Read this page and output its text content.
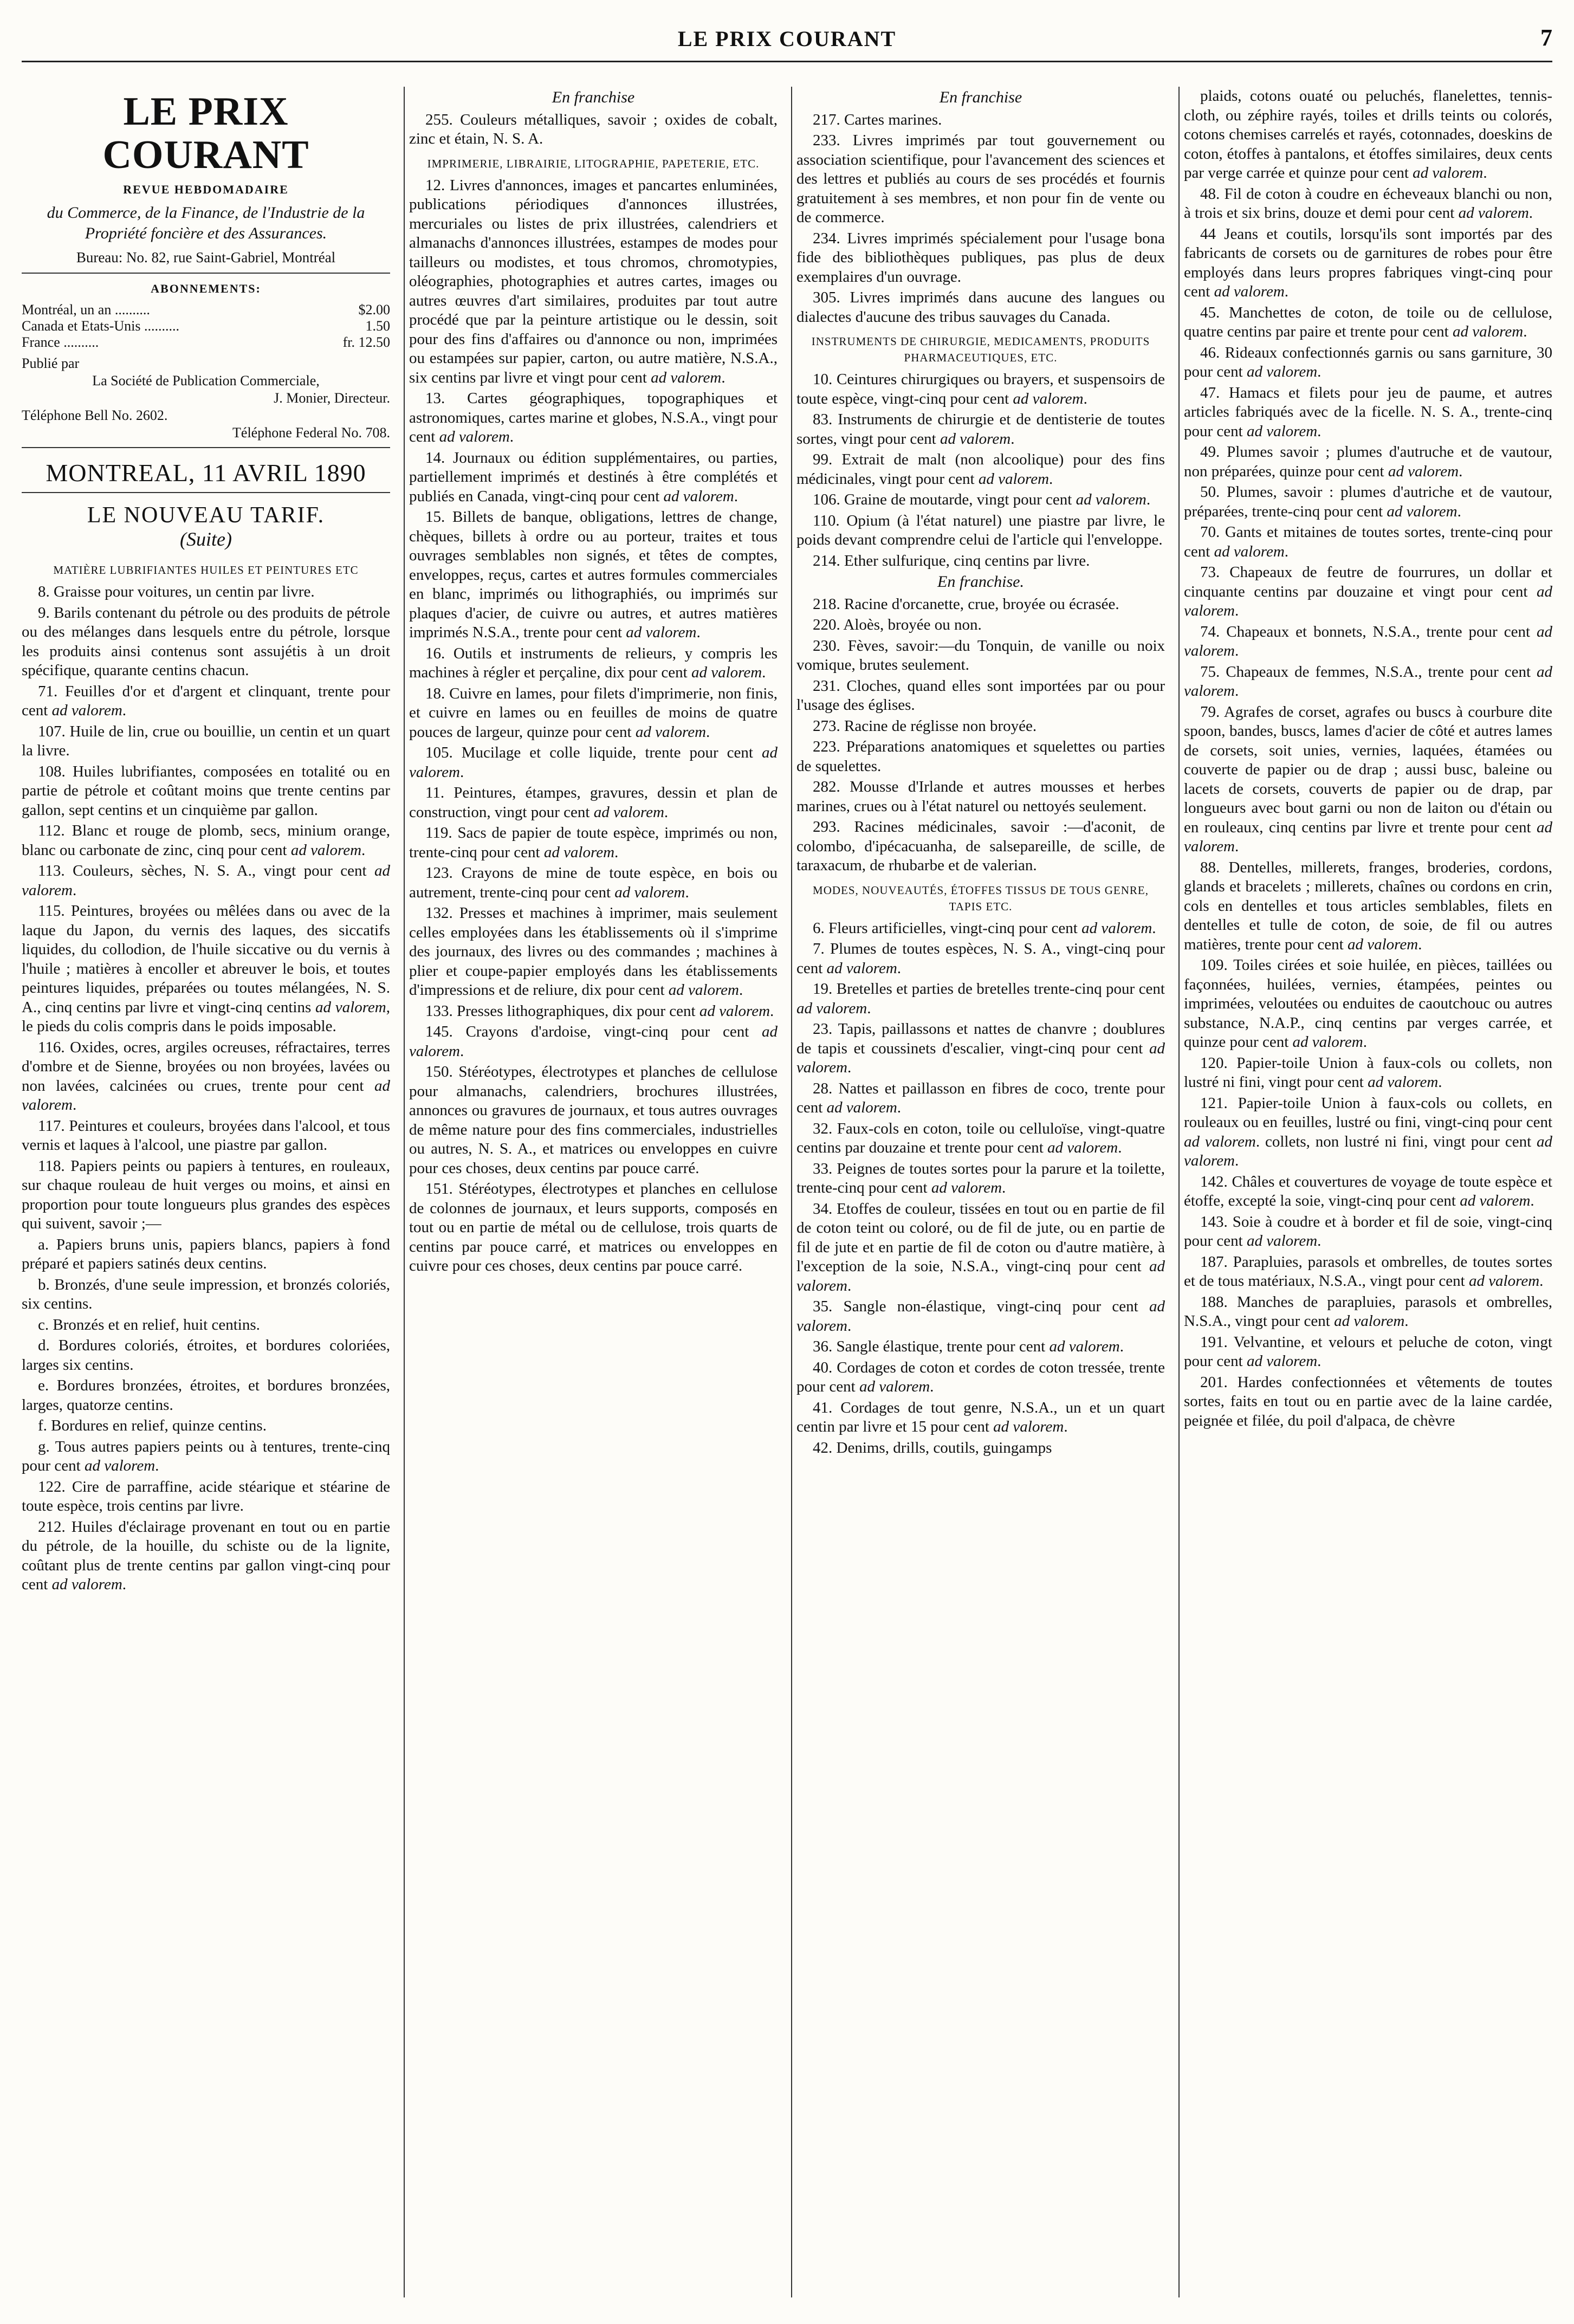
LE PRIX COURANT	7
LE PRIX COURANT
REVUE HEBDOMADAIRE
du Commerce, de la Finance, de l'Industrie de la Propriété foncière et des Assurances.
Bureau: No. 82, rue Saint-Gabriel, Montréal
ABONNEMENTS:
Montréal, un an ..........	$2.00
Canada et Etats-Unis ..........	1.50
France ..........	fr. 12.50
Publié par
La Société de Publication Commerciale,
J. Monier, Directeur.
Téléphone Bell No. 2602.
Téléphone Federal No. 708.
MONTREAL, 11 AVRIL 1890
LE NOUVEAU TARIF.
(Suite)
MATIÈRE LUBRIFIANTES HUILES ET PEINTURES ETC
8. Graisse pour voitures, un centin par livre.
9. Barils contenant du pétrole ou des produits de pétrole ou des mélanges dans lesquels entre du pétrole, lorsque les produits ainsi contenus sont assujétis à un droit spécifique, quarante centins chacun.
71. Feuilles d'or et d'argent et clinquant, trente pour cent ad valorem.
107. Huile de lin, crue ou bouillie, un centin et un quart la livre.
108. Huiles lubrifiantes, composées en totalité ou en partie de pétrole et coûtant moins que trente centins par gallon, sept centins et un cinquième par gallon.
112. Blanc et rouge de plomb, secs, minium orange, blanc ou carbonate de zinc, cinq pour cent ad valorem.
113. Couleurs, sèches, N. S. A., vingt pour cent ad valorem.
115. Peintures, broyées ou mêlées dans ou avec de la laque du Japon, du vernis des laques, des siccatifs liquides, du collodion, de l'huile siccative ou du vernis à l'huile ; matières à encoller et abreuver le bois, et toutes peintures liquides, préparées ou toutes mélangées, N. S. A., cinq centins par livre et vingt-cinq centins ad valorem, le pieds du colis compris dans le poids imposable.
116. Oxides, ocres, argiles ocreuses, réfractaires, terres d'ombre et de Sienne, broyées ou non broyées, lavées ou non lavées, calcinées ou crues, trente pour cent ad valorem.
117. Peintures et couleurs, broyées dans l'alcool, et tous vernis et laques à l'alcool, une piastre par gallon.
118. Papiers peints ou papiers à tentures, en rouleaux, sur chaque rouleau de huit verges ou moins, et ainsi en proportion pour toute longueurs plus grandes des espèces qui suivent, savoir ;—
a. Papiers bruns unis, papiers blancs, papiers à fond préparé et papiers satinés deux centins.
b. Bronzés, d'une seule impression, et bronzés coloriés, six centins.
c. Bronzés et en relief, huit centins.
d. Bordures coloriés, étroites, et bordures coloriées, larges six centins.
e. Bordures bronzées, étroites, et bordures bronzées, larges, quatorze centins.
f. Bordures en relief, quinze centins.
g. Tous autres papiers peints ou à tentures, trente-cinq pour cent ad valorem.
122. Cire de parraffine, acide stéarique et stéarine de toute espèce, trois centins par livre.
212. Huiles d'éclairage provenant en tout ou en partie du pétrole, de la houille, du schiste ou de la lignite, coûtant plus de trente centins par gallon vingt-cinq pour cent ad valorem.
En franchise
255. Couleurs métalliques, savoir ; oxides de cobalt, zinc et étain, N. S. A.
IMPRIMERIE, LIBRAIRIE, LITOGRAPHIE, PAPETERIE, ETC.
12. Livres d'annonces, images et pancartes enluminées, publications périodiques d'annonces illustrées, mercuriales ou listes de prix illustrées, calendriers et almanachs d'annonces illustrées, estampes de modes pour tailleurs ou modistes, et tous chromos, chromotypies, oléographies, photographies et autres cartes, images ou autres œuvres d'art similaires, produites par tout autre procédé que par la peinture artistique ou le dessin, soit pour des fins d'affaires ou d'annonce ou non, imprimées ou estampées sur papier, carton, ou autre matière, N.S.A., six centins par livre et vingt pour cent ad valorem.
13. Cartes géographiques, topographiques et astronomiques, cartes marine et globes, N.S.A., vingt pour cent ad valorem.
14. Journaux ou édition supplémentaires, ou parties, partiellement imprimés et destinés à être complétés et publiés en Canada, vingt-cinq pour cent ad valorem.
15. Billets de banque, obligations, lettres de change, chèques, billets à ordre ou au porteur, traites et tous ouvrages semblables non signés, et têtes de comptes, enveloppes, reçus, cartes et autres formules commerciales en blanc, imprimés ou lithographiés, ou imprimés sur plaques d'acier, de cuivre ou autres, et autres matières imprimés N.S.A., trente pour cent ad valorem.
16. Outils et instruments de relieurs, y compris les machines à régler et perçaline, dix pour cent ad valorem.
18. Cuivre en lames, pour filets d'imprimerie, non finis, et cuivre en lames ou en feuilles de moins de quatre pouces de largeur, quinze pour cent ad valorem.
105. Mucilage et colle liquide, trente pour cent ad valorem.
11. Peintures, étampes, gravures, dessin et plan de construction, vingt pour cent ad valorem.
119. Sacs de papier de toute espèce, imprimés ou non, trente-cinq pour cent ad valorem.
123. Crayons de mine de toute espèce, en bois ou autrement, trente-cinq pour cent ad valorem.
132. Presses et machines à imprimer, mais seulement celles employées dans les établissements où il s'imprime des journaux, des livres ou des commandes ; machines à plier et coupe-papier employés dans les établissements d'impressions et de reliure, dix pour cent ad valorem.
133. Presses lithographiques, dix pour cent ad valorem.
145. Crayons d'ardoise, vingt-cinq pour cent ad valorem.
150. Stéréotypes, électrotypes et planches de cellulose pour almanachs, calendriers, brochures illustrées, annonces ou gravures de journaux, et tous autres ouvrages de même nature pour des fins commerciales, industrielles ou autres, N. S. A., et matrices ou enveloppes en cuivre pour ces choses, deux centins par pouce carré.
151. Stéréotypes, électrotypes et planches en cellulose de colonnes de journaux, et leurs supports, composés en tout ou en partie de métal ou de cellulose, trois quarts de centins par pouce carré, et matrices ou enveloppes en cuivre pour ces choses, deux centins par pouce carré.
En franchise
217. Cartes marines.
233. Livres imprimés par tout gouvernement ou association scientifique, pour l'avancement des sciences et des lettres et publiés au cours de ses procédés et fournis gratuitement à ses membres, et non pour fin de vente ou de commerce.
234. Livres imprimés spécialement pour l'usage bona fide des bibliothèques publiques, pas plus de deux exemplaires d'un ouvrage.
305. Livres imprimés dans aucune des langues ou dialectes d'aucune des tribus sauvages du Canada.
INSTRUMENTS DE CHIRURGIE, MEDICAMENTS, PRODUITS PHARMACEUTIQUES, ETC.
10. Ceintures chirurgiques ou brayers, et suspensoirs de toute espèce, vingt-cinq pour cent ad valorem.
83. Instruments de chirurgie et de dentisterie de toutes sortes, vingt pour cent ad valorem.
99. Extrait de malt (non alcoolique) pour des fins médicinales, vingt pour cent ad valorem.
106. Graine de moutarde, vingt pour cent ad valorem.
110. Opium (à l'état naturel) une piastre par livre, le poids devant comprendre celui de l'article qui l'enveloppe.
214. Ether sulfurique, cinq centins par livre.
En franchise.
218. Racine d'orcanette, crue, broyée ou écrasée.
220. Aloès, broyée ou non.
230. Fèves, savoir:—du Tonquin, de vanille ou noix vomique, brutes seulement.
231. Cloches, quand elles sont importées par ou pour l'usage des églises.
273. Racine de réglisse non broyée.
223. Préparations anatomiques et squelettes ou parties de squelettes.
282. Mousse d'Irlande et autres mousses et herbes marines, crues ou à l'état naturel ou nettoyés seulement.
293. Racines médicinales, savoir :—d'aconit, de colombo, d'ipécacuanha, de salsepareille, de scille, de taraxacum, de rhubarbe et de valerian.
MODES, NOUVEAUTÉS, ÉTOFFES TISSUS DE TOUS GENRE, TAPIS ETC.
6. Fleurs artificielles, vingt-cinq pour cent ad valorem.
7. Plumes de toutes espèces, N. S. A., vingt-cinq pour cent ad valorem.
19. Bretelles et parties de bretelles trente-cinq pour cent ad valorem.
23. Tapis, paillassons et nattes de chanvre ; doublures de tapis et coussinets d'escalier, vingt-cinq pour cent ad valorem.
28. Nattes et paillasson en fibres de coco, trente pour cent ad valorem.
32. Faux-cols en coton, toile ou celluloïse, vingt-quatre centins par douzaine et trente pour cent ad valorem.
33. Peignes de toutes sortes pour la parure et la toilette, trente-cinq pour cent ad valorem.
34. Etoffes de couleur, tissées en tout ou en partie de fil de coton teint ou coloré, ou de fil de jute, ou en partie de fil de jute et en partie de fil de coton ou d'autre matière, à l'exception de la soie, N.S.A., vingt-cinq pour cent ad valorem.
35. Sangle non-élastique, vingt-cinq pour cent ad valorem.
36. Sangle élastique, trente pour cent ad valorem.
40. Cordages de coton et cordes de coton tressée, trente pour cent ad valorem.
41. Cordages de tout genre, N.S.A., un et un quart centin par livre et 15 pour cent ad valorem.
42. Denims, drills, coutils, guingamps
plaids, cotons ouaté ou peluchés, flanelettes, tennis-cloth, ou zéphire rayés, toiles et drills teints ou colorés, cotons chemises carrelés et rayés, cotonnades, doeskins de coton, étoffes à pantalons, et étoffes similaires, deux cents par verge carrée et quinze pour cent ad valorem.
48. Fil de coton à coudre en écheveaux blanchi ou non, à trois et six brins, douze et demi pour cent ad valorem.
44 Jeans et coutils, lorsqu'ils sont importés par des fabricants de corsets ou de garnitures de robes pour être employés dans leurs propres fabriques vingt-cinq pour cent ad valorem.
45. Manchettes de coton, de toile ou de cellulose, quatre centins par paire et trente pour cent ad valorem.
46. Rideaux confectionnés garnis ou sans garniture, 30 pour cent ad valorem.
47. Hamacs et filets pour jeu de paume, et autres articles fabriqués avec de la ficelle. N. S. A., trente-cinq pour cent ad valorem.
49. Plumes savoir ; plumes d'autruche et de vautour, non préparées, quinze pour cent ad valorem.
50. Plumes, savoir : plumes d'autriche et de vautour, préparées, trente-cinq pour cent ad valorem.
70. Gants et mitaines de toutes sortes, trente-cinq pour cent ad valorem.
73. Chapeaux de feutre de fourrures, un dollar et cinquante centins par douzaine et vingt pour cent ad valorem.
74. Chapeaux et bonnets, N.S.A., trente pour cent ad valorem.
75. Chapeaux de femmes, N.S.A., trente pour cent ad valorem.
79. Agrafes de corset, agrafes ou buscs à courbure dite spoon, bandes, buscs, lames d'acier de côté et autres lames de corsets, soit unies, vernies, laquées, étamées ou couverte de papier ou de drap ; aussi busc, baleine ou lacets de corsets, couverts de papier ou de drap, par longueurs avec bout garni ou non de laiton ou d'étain ou en rouleaux, cinq centins par livre et trente pour cent ad valorem.
88. Dentelles, millerets, franges, broderies, cordons, glands et bracelets ; millerets, chaînes ou cordons en crin, cols en dentelles et tous articles semblables, filets en dentelles et tulle de coton, de soie, de fil ou autres matières, trente pour cent ad valorem.
109. Toiles cirées et soie huilée, en pièces, taillées ou façonnées, huilées, vernies, étampées, peintes ou imprimées, veloutées ou enduites de caoutchouc ou autres substance, N.A.P., cinq centins par verges carrée, et quinze pour cent ad valorem.
120. Papier-toile Union à faux-cols ou collets, non lustré ni fini, vingt pour cent ad valorem.
121. Papier-toile Union à faux-cols ou collets, en rouleaux ou en feuilles, lustré ou fini, vingt-cinq pour cent ad valorem. collets, non lustré ni fini, vingt pour cent ad valorem.
142. Châles et couvertures de voyage de toute espèce et étoffe, excepté la soie, vingt-cinq pour cent ad valorem.
143. Soie à coudre et à border et fil de soie, vingt-cinq pour cent ad valorem.
187. Parapluies, parasols et ombrelles, de toutes sortes et de tous matériaux, N.S.A., vingt pour cent ad valorem.
188. Manches de parapluies, parasols et ombrelles, N.S.A., vingt pour cent ad valorem.
191. Velvantine, et velours et peluche de coton, vingt pour cent ad valorem.
201. Hardes confectionnées et vêtements de toutes sortes, faits en tout ou en partie avec de la laine cardée, peignée et filée, du poil d'alpaca, de chèvre
